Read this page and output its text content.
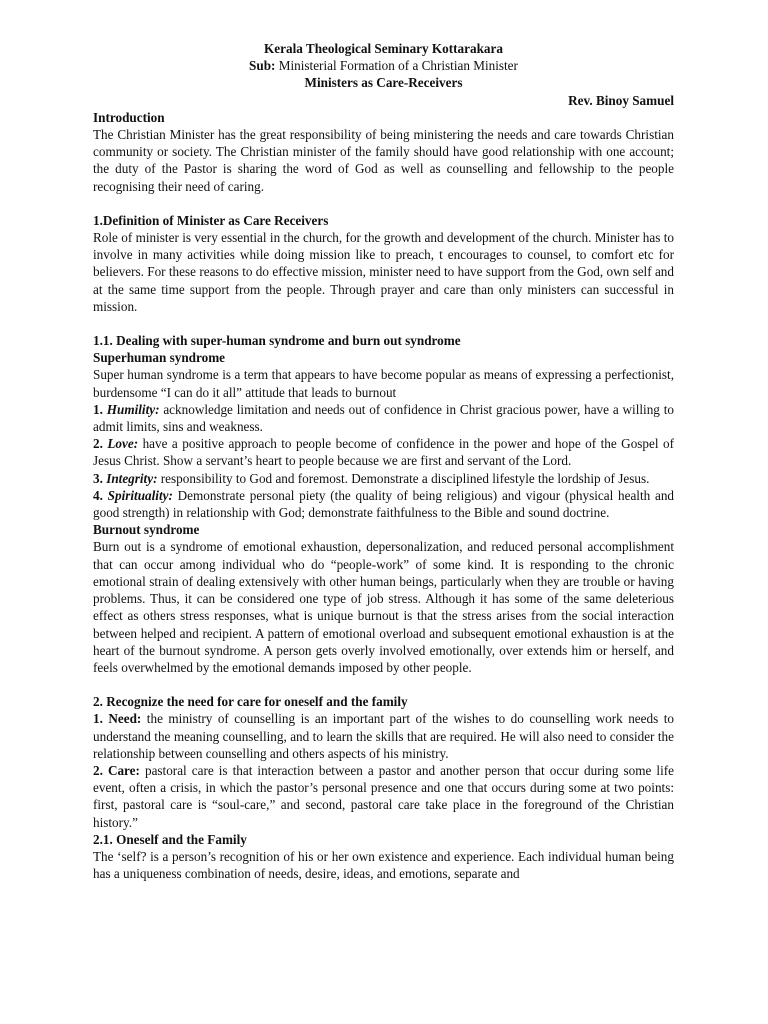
Kerala Theological Seminary Kottarakara
Sub: Ministerial Formation of a Christian Minister
Ministers as Care-Receivers
Rev. Binoy Samuel
Introduction

The Christian Minister has the great responsibility of being ministering the needs and care towards Christian community or society. The Christian minister of the family should have good relationship with one account; the duty of the Pastor is sharing the word of God as well as counselling and fellowship to the people recognising their need of caring.

1.Definition of Minister as Care Receivers

Role of minister is very essential in the church, for the growth and development of the church. Minister has to involve in many activities while doing mission like to preach, t encourages to counsel, to comfort etc for believers. For these reasons to do effective mission, minister need to have support from the God, own self and at the same time support from the people. Through prayer and care than only ministers can successful in mission.

1.1. Dealing with super-human syndrome and burn out syndrome
Superhuman syndrome

Super human syndrome is a term that appears to have become popular as means of expressing a perfectionist, burdensome “I can do it all” attitude that leads to burnout

1. Humility: acknowledge limitation and needs out of confidence in Christ gracious power, have a willing to admit limits, sins and weakness.

2. Love: have a positive approach to people become of confidence in the power and hope of the Gospel of Jesus Christ. Show a servant’s heart to people because we are first and servant of the Lord.

3. Integrity: responsibility to God and foremost. Demonstrate a disciplined lifestyle the lordship of Jesus.

4. Spirituality: Demonstrate personal piety (the quality of being religious) and vigour (physical health and good strength) in relationship with God; demonstrate faithfulness to the Bible and sound doctrine.

Burnout syndrome

Burn out is a syndrome of emotional exhaustion, depersonalization, and reduced personal accomplishment that can occur among individual who do “people-work” of some kind. It is responding to the chronic emotional strain of dealing extensively with other human beings, particularly when they are trouble or having problems. Thus, it can be considered one type of job stress. Although it has some of the same deleterious effect as others stress responses, what is unique burnout is that the stress arises from the social interaction between helped and recipient. A pattern of emotional overload and subsequent emotional exhaustion is at the heart of the burnout syndrome. A person gets overly involved emotionally, over extends him or herself, and feels overwhelmed by the emotional demands imposed by other people.

2. Recognize the need for care for oneself and the family

1. Need: the ministry of counselling is an important part of the wishes to do counselling work needs to understand the meaning counselling, and to learn the skills that are required. He will also need to consider the relationship between counselling and others aspects of his ministry.

2. Care: pastoral care is that interaction between a pastor and another person that occur during some life event, often a crisis, in which the pastor’s personal presence and one that occurs during some at two points: first, pastoral care is “soul-care,” and second, pastoral care take place in the foreground of the Christian history.”

2.1. Oneself and the Family

The ‘self? is a person’s recognition of his or her own existence and experience. Each individual human being has a uniqueness combination of needs, desire, ideas, and emotions, separate and
